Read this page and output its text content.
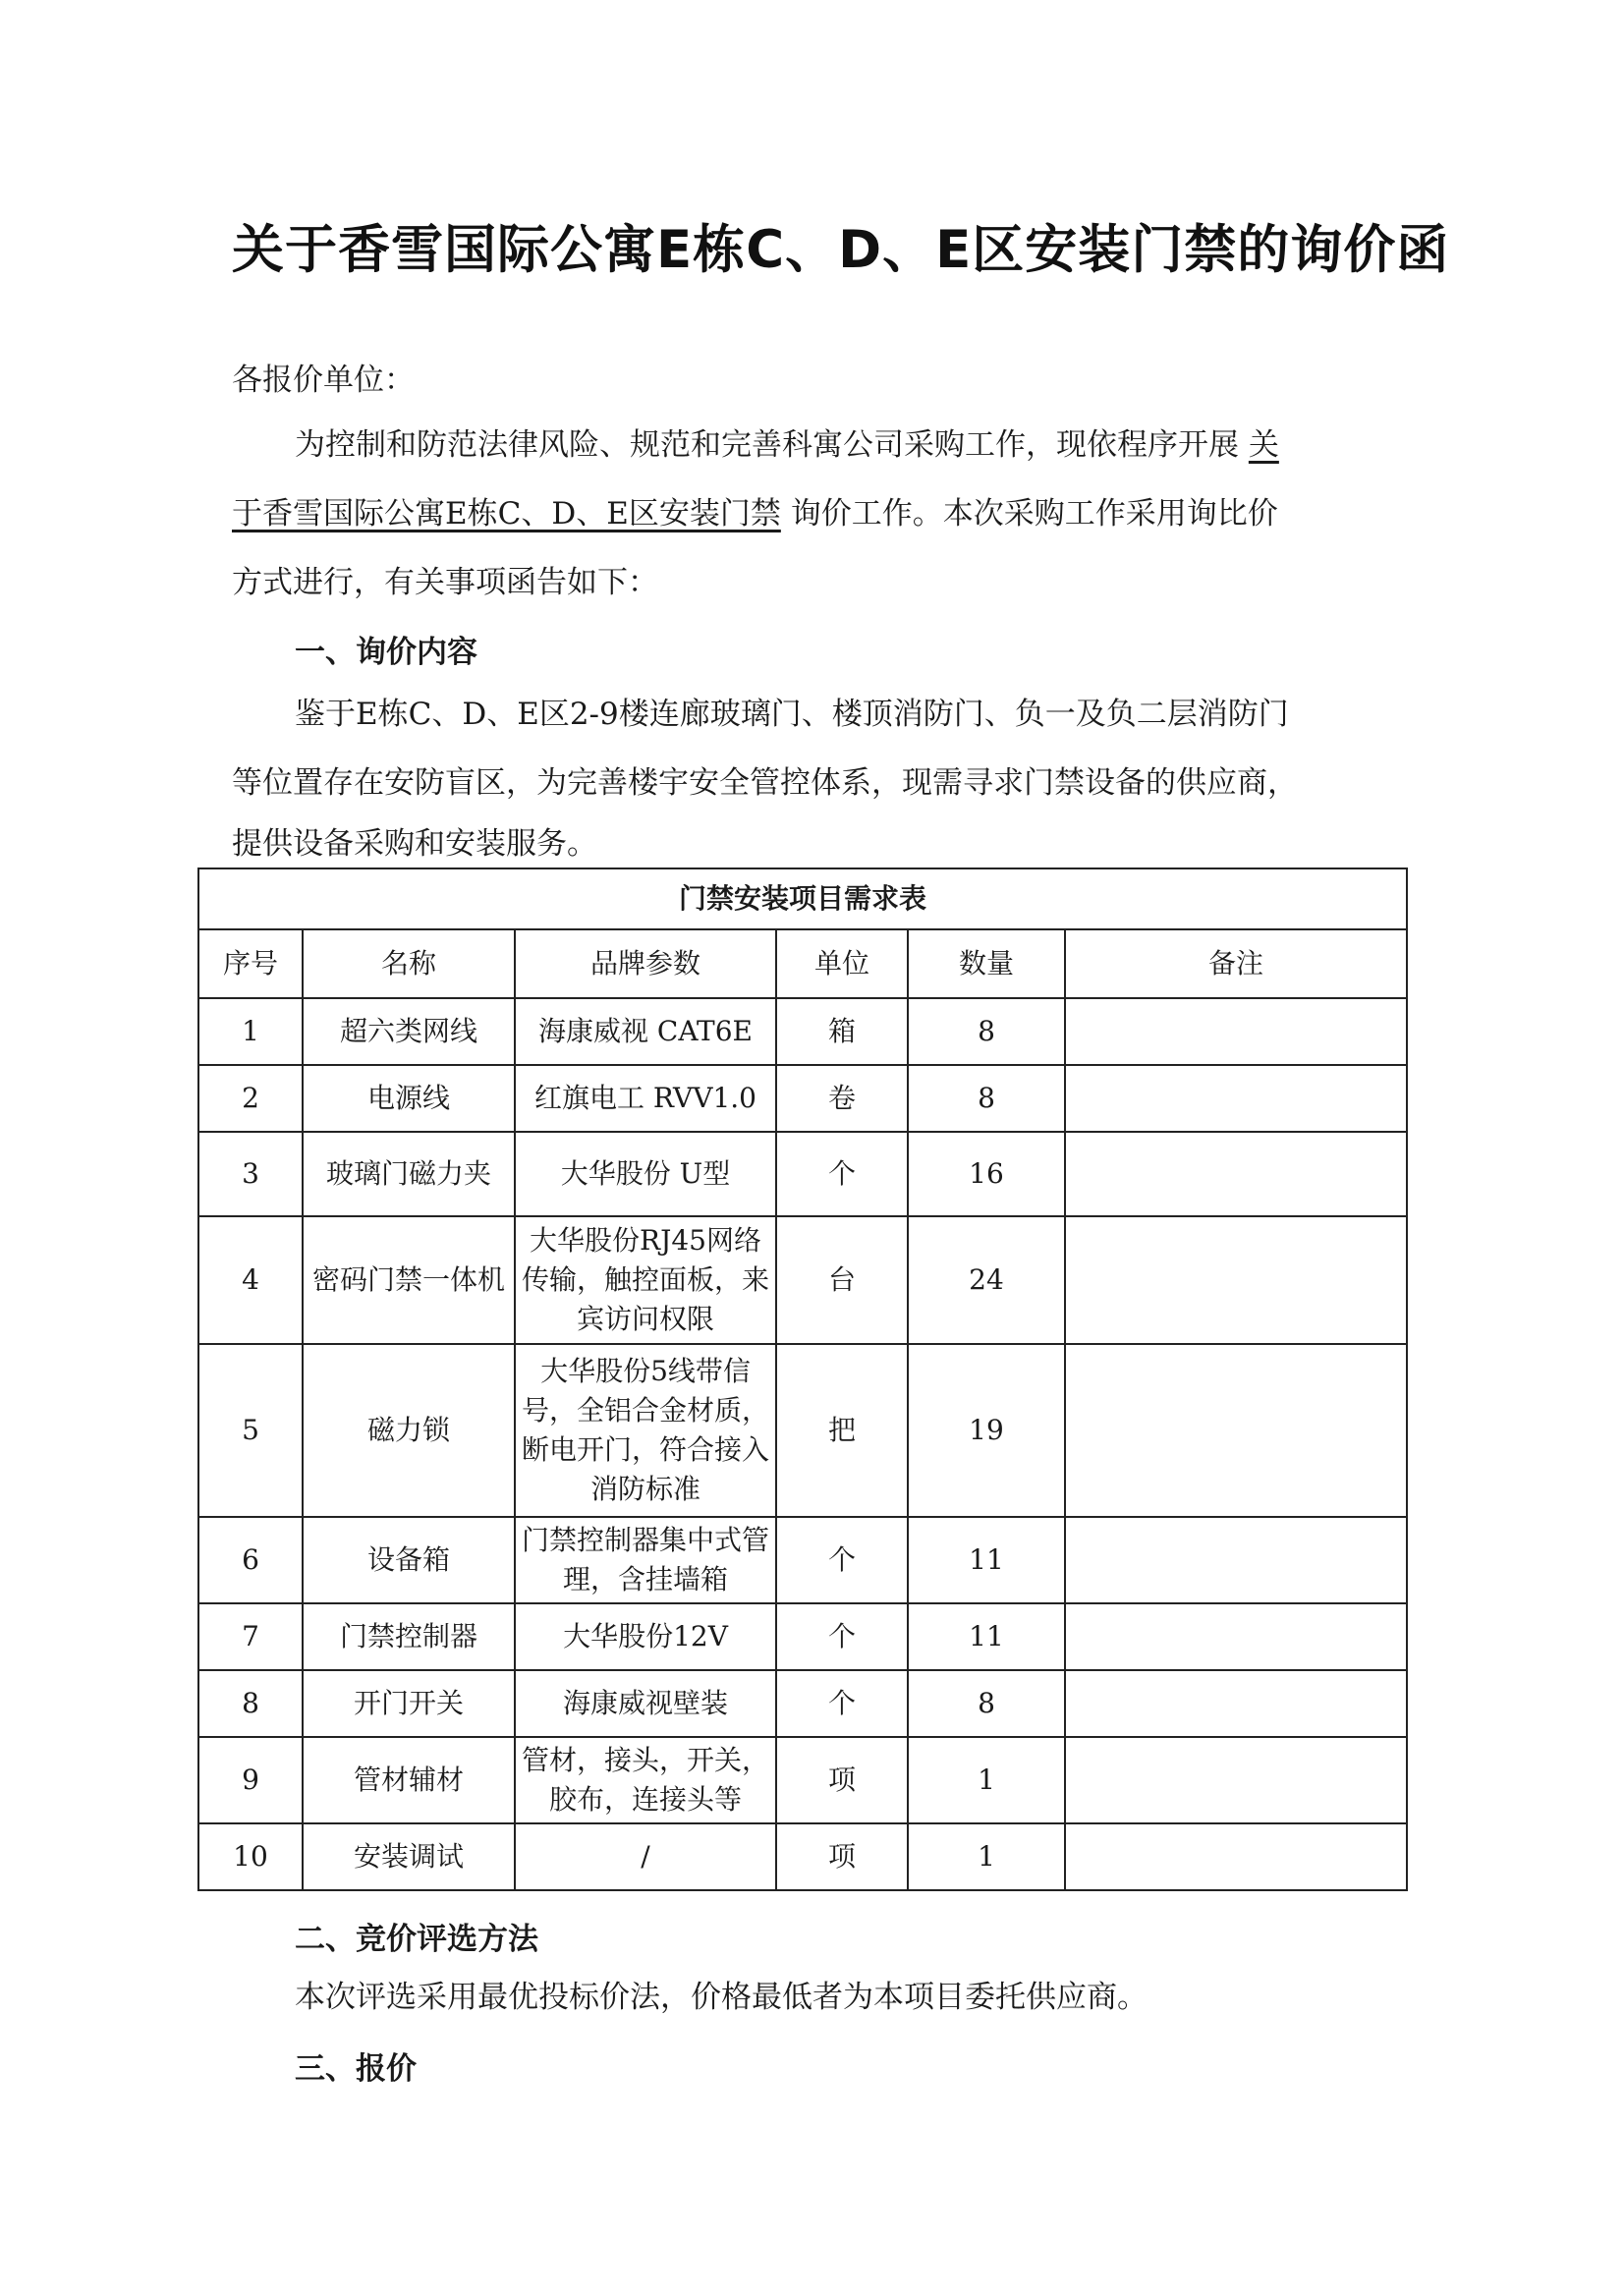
关于香雪国际公寓E栋C、D、E区安装门禁的询价函
各报价单位：
为控制和防范法律风险、规范和完善科寓公司采购工作，现依程序开展 关
于香雪国际公寓E栋C、D、E区安装门禁 询价工作。本次采购工作采用询比价
方式进行，有关事项函告如下：
一、询价内容
鉴于E栋C、D、E区2-9楼连廊玻璃门、楼顶消防门、负一及负二层消防门
等位置存在安防盲区，为完善楼宇安全管控体系，现需寻求门禁设备的供应商，
提供设备采购和安装服务。
门禁安装项目需求表					
序号	名称	品牌参数	单位	数量	备注
1	超六类网线	海康威视 CAT6E	箱	8	
2	电源线	红旗电工 RVV1.0	卷	8	
3	玻璃门磁力夹	大华股份 U型	个	16	
4	密码门禁一体机	大华股份RJ45网络传输，触控面板，来宾访问权限	台	24	
5	磁力锁	大华股份5线带信号，全铝合金材质，断电开门，符合接入消防标准	把	19	
6	设备箱	门禁控制器集中式管理，含挂墙箱	个	11	
7	门禁控制器	大华股份12V	个	11	
8	开门开关	海康威视壁装	个	8	
9	管材辅材	管材，接头，开关，胶布，连接头等	项	1	
10	安装调试	/	项	1	
二、竞价评选方法
本次评选采用最优投标价法，价格最低者为本项目委托供应商。
三、报价
